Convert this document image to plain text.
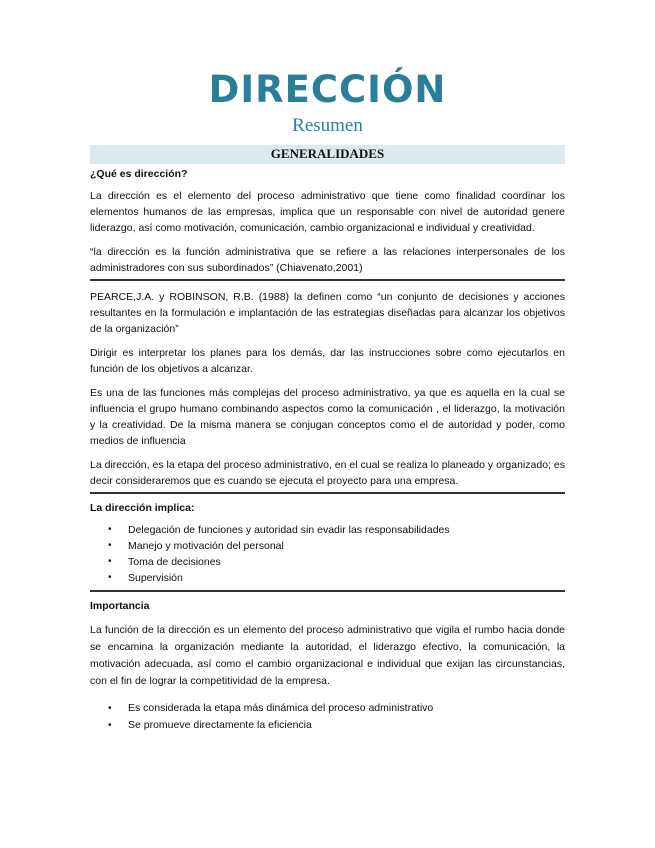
DIRECCIÓN
Resumen
GENERALIDADES
¿Qué es dirección?

La dirección es el elemento del proceso administrativo que tiene como finalidad coordinar los elementos humanos de las empresas, implica que un responsable con nivel de autoridad genere liderazgo, así como motivación, comunicación, cambio organizacional e individual y creatividad.

“la dirección es la función administrativa que se refiere a las relaciones interpersonales de los administradores con sus subordinados” (Chiavenato,2001)

PEARCE,J.A. y ROBINSON, R.B. (1988) la definen como “un conjunto de decisiones y acciones resultantes en la formulación e implantación de las estrategias diseñadas para alcanzar los objetivos de la organización”

Dirigir es interpretar los planes para los demás, dar las instrucciones sobre como ejecutarlos en función de los objetivos a alcanzar.

Es una de las funciones más complejas del proceso administrativo, ya que es aquella en la cual se influencia el grupo humano combinando aspectos como la comunicación , el liderazgo, la motivación y la creatividad. De la misma manera se conjugan conceptos como el de autoridad y poder, como medios de influencia

La dirección, es la etapa del proceso administrativo, en el cual se realiza lo planeado y organizado; es decir consideraremos que es cuando se ejecuta el proyecto para una empresa.

La dirección implica:
• Delegación de funciones y autoridad sin evadir las responsabilidades
• Manejo y motivación del personal
• Toma de decisiones
• Supervisión
Importancia

La función de la dirección es un elemento del proceso administrativo que vigila el rumbo hacia donde se encamina la organización mediante la autoridad, el liderazgo efectivo, la comunicación, la motivación adecuada, así como el cambio organizacional e individual que exijan las circunstancias, con el fin de lograr la competitividad de la empresa.

• Es considerada la etapa más dinámica del proceso administrativo
• Se promueve directamente la eficiencia
